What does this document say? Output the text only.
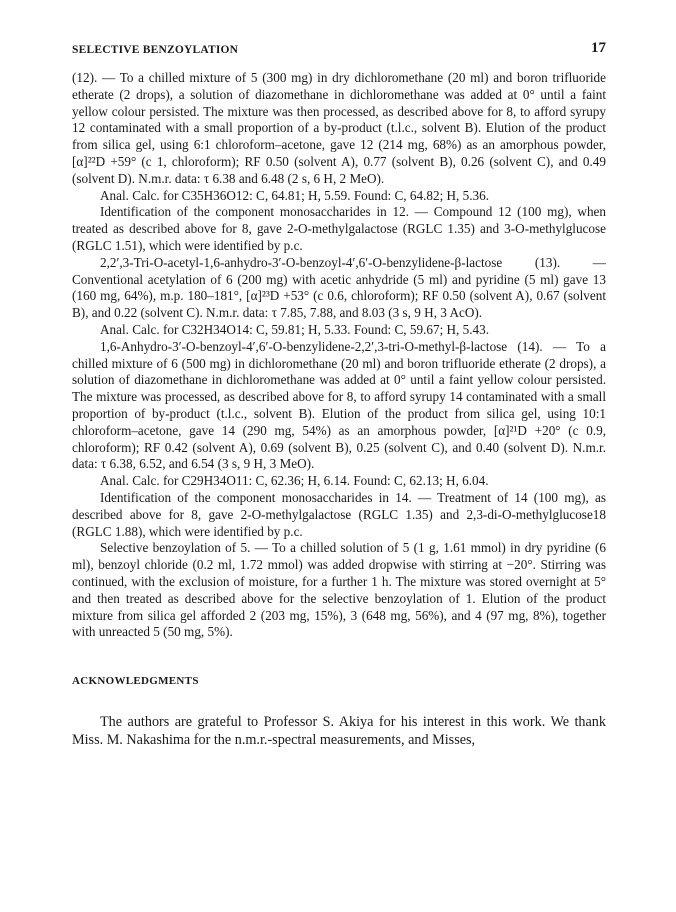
SELECTIVE BENZOYLATION	17

(12). — To a chilled mixture of 5 (300 mg) in dry dichloromethane (20 ml) and boron trifluoride etherate (2 drops), a solution of diazomethane in dichloromethane was added at 0° until a faint yellow colour persisted. The mixture was then processed, as described above for 8, to afford syrupy 12 contaminated with a small proportion of a by-product (t.l.c., solvent B). Elution of the product from silica gel, using 6:1 chloroform–acetone, gave 12 (214 mg, 68%) as an amorphous powder, [α]²²D +59° (c 1, chloroform); RF 0.50 (solvent A), 0.77 (solvent B), 0.26 (solvent C), and 0.49 (solvent D). N.m.r. data: τ 6.38 and 6.48 (2 s, 6 H, 2 MeO).

Anal. Calc. for C35H36O12: C, 64.81; H, 5.59. Found: C, 64.82; H, 5.36.

Identification of the component monosaccharides in 12. — Compound 12 (100 mg), when treated as described above for 8, gave 2-O-methylgalactose (RGLC 1.35) and 3-O-methylglucose (RGLC 1.51), which were identified by p.c.

2,2′,3-Tri-O-acetyl-1,6-anhydro-3′-O-benzoyl-4′,6′-O-benzylidene-β-lactose (13). — Conventional acetylation of 6 (200 mg) with acetic anhydride (5 ml) and pyridine (5 ml) gave 13 (160 mg, 64%), m.p. 180–181°, [α]²³D +53° (c 0.6, chloroform); RF 0.50 (solvent A), 0.67 (solvent B), and 0.22 (solvent C). N.m.r. data: τ 7.85, 7.88, and 8.03 (3 s, 9 H, 3 AcO).

Anal. Calc. for C32H34O14: C, 59.81; H, 5.33. Found: C, 59.67; H, 5.43.

1,6-Anhydro-3′-O-benzoyl-4′,6′-O-benzylidene-2,2′,3-tri-O-methyl-β-lactose (14). — To a chilled mixture of 6 (500 mg) in dichloromethane (20 ml) and boron trifluoride etherate (2 drops), a solution of diazomethane in dichloromethane was added at 0° until a faint yellow colour persisted. The mixture was processed, as described above for 8, to afford syrupy 14 contaminated with a small proportion of by-product (t.l.c., solvent B). Elution of the product from silica gel, using 10:1 chloroform–acetone, gave 14 (290 mg, 54%) as an amorphous powder, [α]²¹D +20° (c 0.9, chloroform); RF 0.42 (solvent A), 0.69 (solvent B), 0.25 (solvent C), and 0.40 (solvent D). N.m.r. data: τ 6.38, 6.52, and 6.54 (3 s, 9 H, 3 MeO).

Anal. Calc. for C29H34O11: C, 62.36; H, 6.14. Found: C, 62.13; H, 6.04.

Identification of the component monosaccharides in 14. — Treatment of 14 (100 mg), as described above for 8, gave 2-O-methylgalactose (RGLC 1.35) and 2,3-di-O-methylglucose18 (RGLC 1.88), which were identified by p.c.

Selective benzoylation of 5. — To a chilled solution of 5 (1 g, 1.61 mmol) in dry pyridine (6 ml), benzoyl chloride (0.2 ml, 1.72 mmol) was added dropwise with stirring at −20°. Stirring was continued, with the exclusion of moisture, for a further 1 h. The mixture was stored overnight at 5° and then treated as described above for the selective benzoylation of 1. Elution of the product mixture from silica gel afforded 2 (203 mg, 15%), 3 (648 mg, 56%), and 4 (97 mg, 8%), together with unreacted 5 (50 mg, 5%).

ACKNOWLEDGMENTS

The authors are grateful to Professor S. Akiya for his interest in this work. We thank Miss. M. Nakashima for the n.m.r.-spectral measurements, and Misses,
